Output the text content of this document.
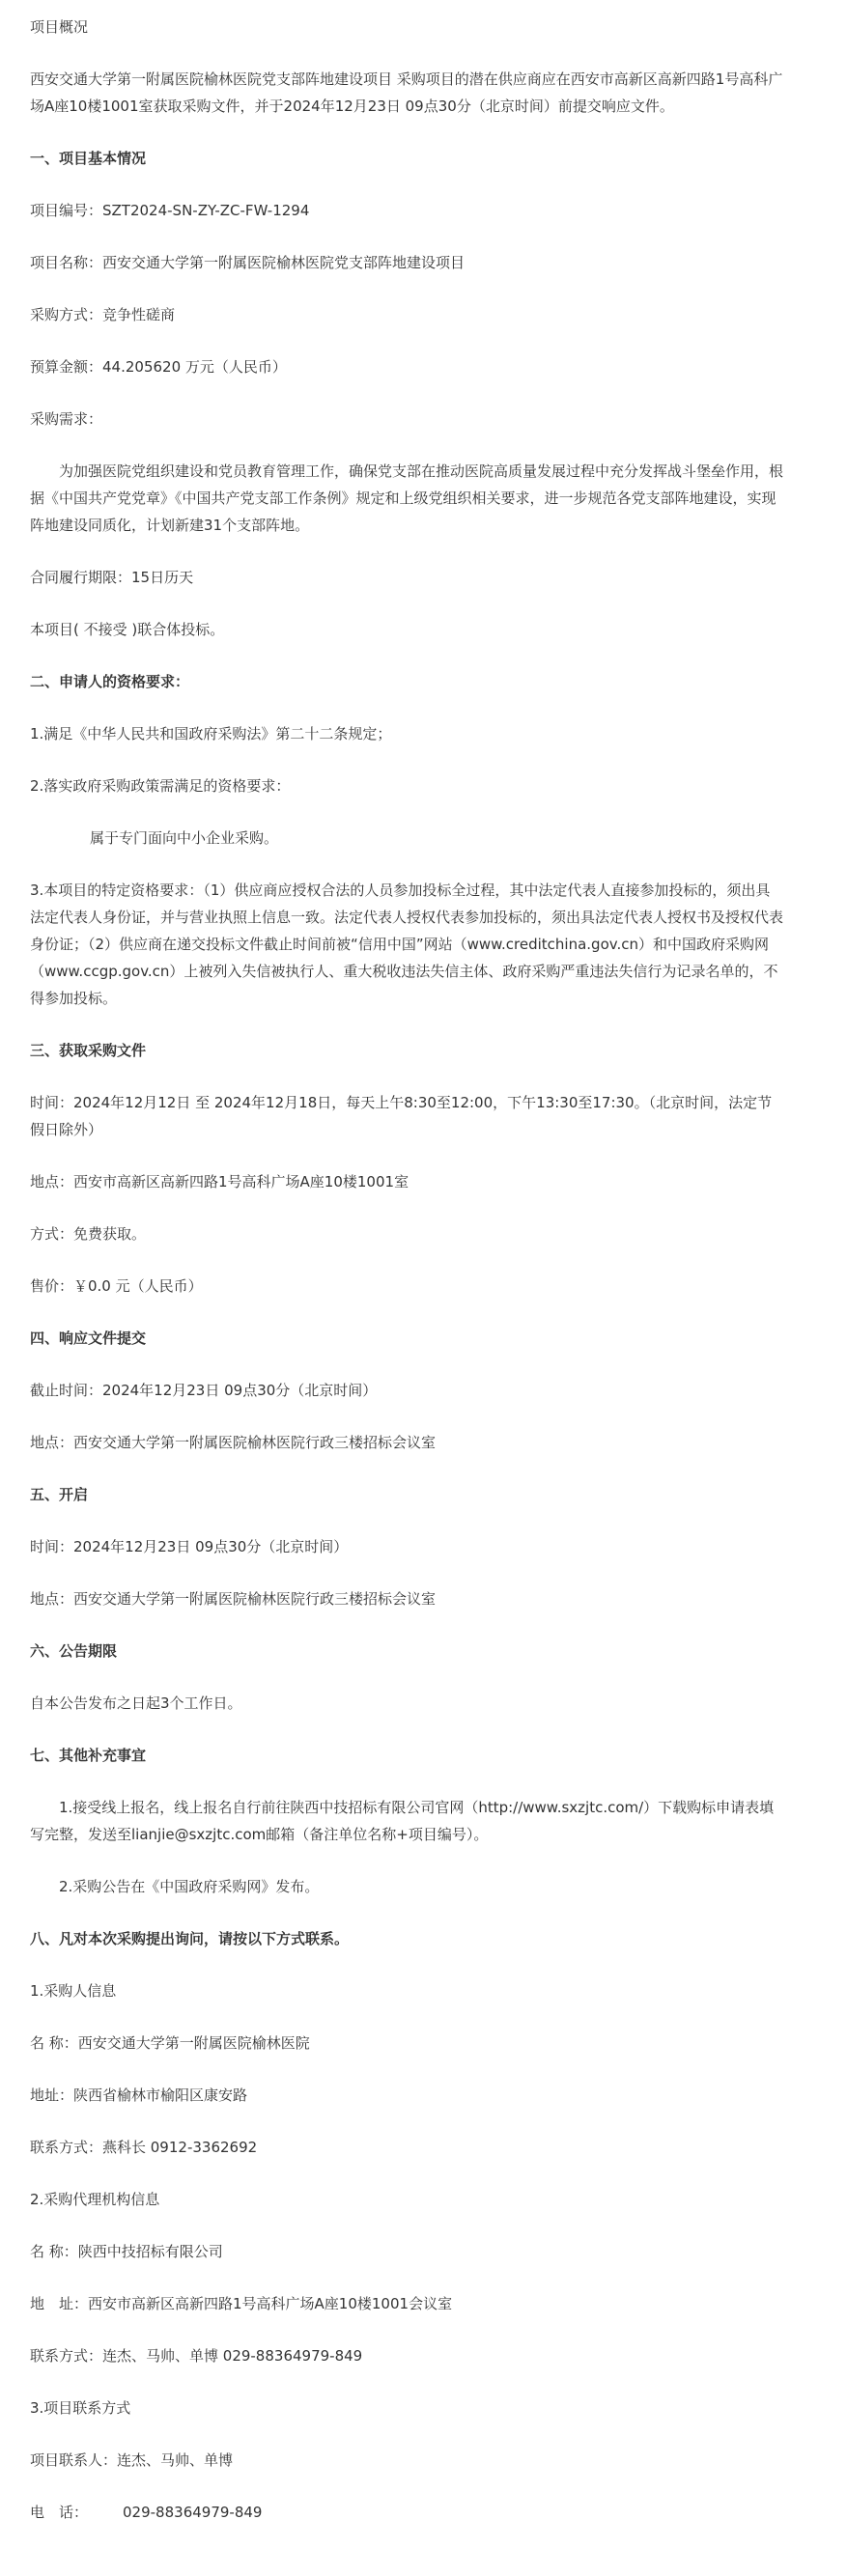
项目概况

西安交通大学第一附属医院榆林医院党支部阵地建设项目 采购项目的潜在供应商应在西安市高新区高新四路1号高科广场A座10楼1001室获取采购文件，并于2024年12月23日 09点30分（北京时间）前提交响应文件。

一、项目基本情况

项目编号：SZT2024-SN-ZY-ZC-FW-1294

项目名称：西安交通大学第一附属医院榆林医院党支部阵地建设项目

采购方式：竞争性磋商

预算金额：44.205620 万元（人民币）

采购需求：

为加强医院党组织建设和党员教育管理工作，确保党支部在推动医院高质量发展过程中充分发挥战斗堡垒作用，根据《中国共产党党章》《中国共产党支部工作条例》规定和上级党组织相关要求，进一步规范各党支部阵地建设，实现阵地建设同质化，计划新建31个支部阵地。

合同履行期限：15日历天

本项目( 不接受 )联合体投标。

二、申请人的资格要求：

1.满足《中华人民共和国政府采购法》第二十二条规定；

2.落实政府采购政策需满足的资格要求：

属于专门面向中小企业采购。

3.本项目的特定资格要求：（1）供应商应授权合法的人员参加投标全过程，其中法定代表人直接参加投标的，须出具法定代表人身份证，并与营业执照上信息一致。法定代表人授权代表参加投标的，须出具法定代表人授权书及授权代表身份证；（2）供应商在递交投标文件截止时间前被“信用中国”网站（www.creditchina.gov.cn）和中国政府采购网（www.ccgp.gov.cn）上被列入失信被执行人、重大税收违法失信主体、政府采购严重违法失信行为记录名单的，不得参加投标。

三、获取采购文件

时间：2024年12月12日 至 2024年12月18日，每天上午8:30至12:00，下午13:30至17:30。（北京时间，法定节假日除外）

地点：西安市高新区高新四路1号高科广场A座10楼1001室

方式：免费获取。

售价：￥0.0 元（人民币）

四、响应文件提交

截止时间：2024年12月23日 09点30分（北京时间）

地点：西安交通大学第一附属医院榆林医院行政三楼招标会议室

五、开启

时间：2024年12月23日 09点30分（北京时间）

地点：西安交通大学第一附属医院榆林医院行政三楼招标会议室

六、公告期限

自本公告发布之日起3个工作日。

七、其他补充事宜

1.接受线上报名，线上报名自行前往陕西中技招标有限公司官网（http://www.sxzjtc.com/）下载购标申请表填写完整，发送至lianjie@sxzjtc.com邮箱（备注单位名称+项目编号）。

2.采购公告在《中国政府采购网》发布。

八、凡对本次采购提出询问，请按以下方式联系。

1.采购人信息

名 称：西安交通大学第一附属医院榆林医院

地址：陕西省榆林市榆阳区康安路

联系方式：燕科长 0912-3362692

2.采购代理机构信息

名 称：陕西中技招标有限公司

地　址：西安市高新区高新四路1号高科广场A座10楼1001会议室

联系方式：连杰、马帅、单博 029-88364979-849

3.项目联系方式

项目联系人：连杰、马帅、单博

电　话： 029-88364979-849
